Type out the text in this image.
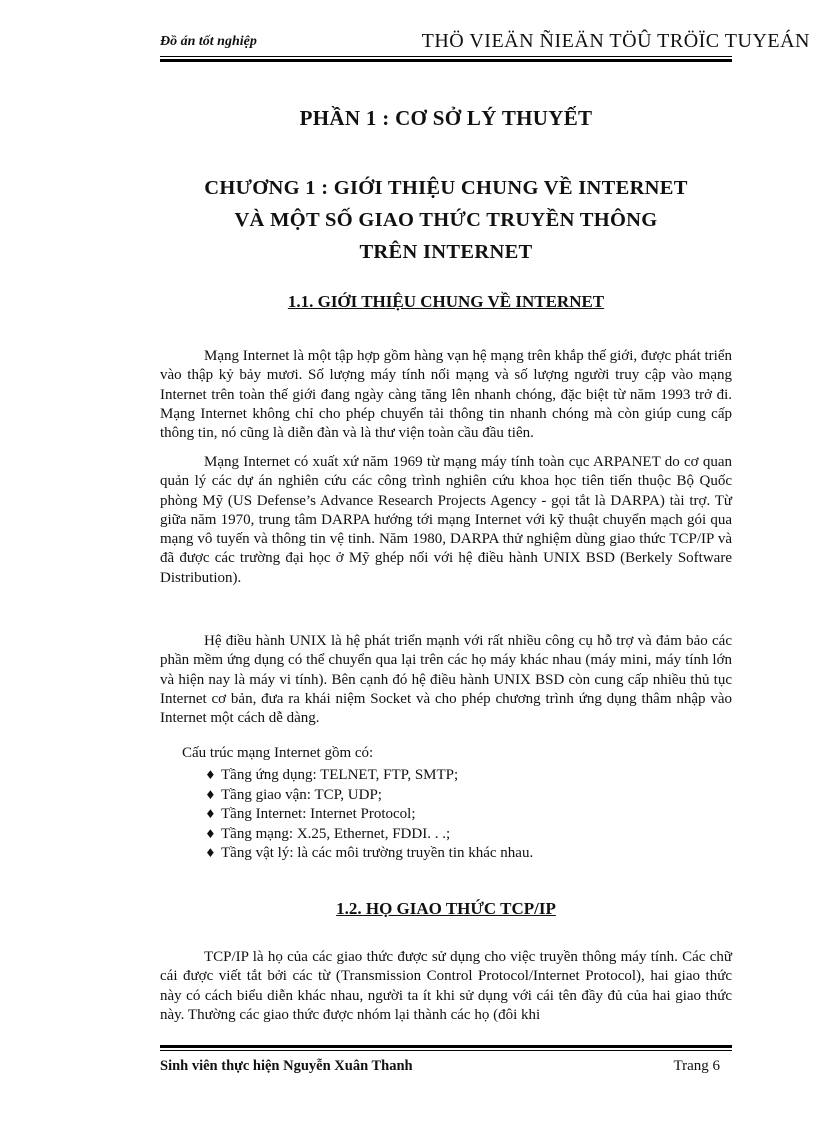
Đồ án tốt nghiệp	THÖ VIEÄN ÑIEÄN TÖÛ TRÖÏC TUYEÁN
PHẦN 1 : CƠ SỞ LÝ THUYẾT
CHƯƠNG 1 : GIỚI THIỆU CHUNG VỀ INTERNET
VÀ MỘT SỐ GIAO THỨC TRUYỀN THÔNG
TRÊN INTERNET
1.1. GIỚI THIỆU CHUNG VỀ INTERNET

Mạng Internet là một tập hợp gồm hàng vạn hệ mạng trên khắp thế giới, được phát triển vào thập kỷ bảy mươi. Số lượng máy tính nối mạng và số lượng người truy cập vào mạng Internet trên toàn thế giới đang ngày càng tăng lên nhanh chóng, đặc biệt từ năm 1993 trở đi. Mạng Internet không chỉ cho phép chuyển tải thông tin nhanh chóng mà còn giúp cung cấp thông tin, nó cũng là diễn đàn và là thư viện toàn cầu đầu tiên.

Mạng Internet có xuất xứ năm 1969 từ mạng máy tính toàn cục ARPANET do cơ quan quản lý các dự án nghiên cứu các công trình nghiên cứu khoa học tiên tiến thuộc Bộ Quốc phòng Mỹ (US Defense’s Advance Research Projects Agency - gọi tắt là DARPA) tài trợ. Từ giữa năm 1970, trung tâm DARPA hướng tới mạng Internet với kỹ thuật chuyển mạch gói qua mạng vô tuyến và thông tin vệ tinh. Năm 1980, DARPA thử nghiệm dùng giao thức TCP/IP và đã được các trường đại học ở Mỹ ghép nối với hệ điều hành UNIX BSD (Berkely Software Distribution).

Hệ điều hành UNIX là hệ phát triển mạnh với rất nhiều công cụ hỗ trợ và đảm bảo các phần mềm ứng dụng có thể chuyển qua lại trên các họ máy khác nhau (máy mini, máy tính lớn và hiện nay là máy vi tính). Bên cạnh đó hệ điều hành UNIX BSD còn cung cấp nhiều thủ tục Internet cơ bản, đưa ra khái niệm Socket và cho phép chương trình ứng dụng thâm nhập vào Internet một cách dễ dàng.

Cấu trúc mạng Internet gồm có:
♦ Tầng ứng dụng: TELNET, FTP, SMTP;
♦ Tầng giao vận: TCP, UDP;
♦ Tầng Internet: Internet Protocol;
♦ Tầng mạng: X.25, Ethernet, FDDI. . .;
♦ Tầng vật lý: là các môi trường truyền tin khác nhau.
1.2. HỌ GIAO THỨC TCP/IP

TCP/IP là họ của các giao thức được sử dụng cho việc truyền thông máy tính. Các chữ cái được viết tắt bởi các từ (Transmission Control Protocol/Internet Protocol), hai giao thức này có cách biểu diễn khác nhau, người ta ít khi sử dụng với cái tên đầy đủ của hai giao thức này. Thường các giao thức được nhóm lại thành các họ (đôi khi

Sinh viên thực hiện Nguyễn Xuân Thanh	Trang 6
